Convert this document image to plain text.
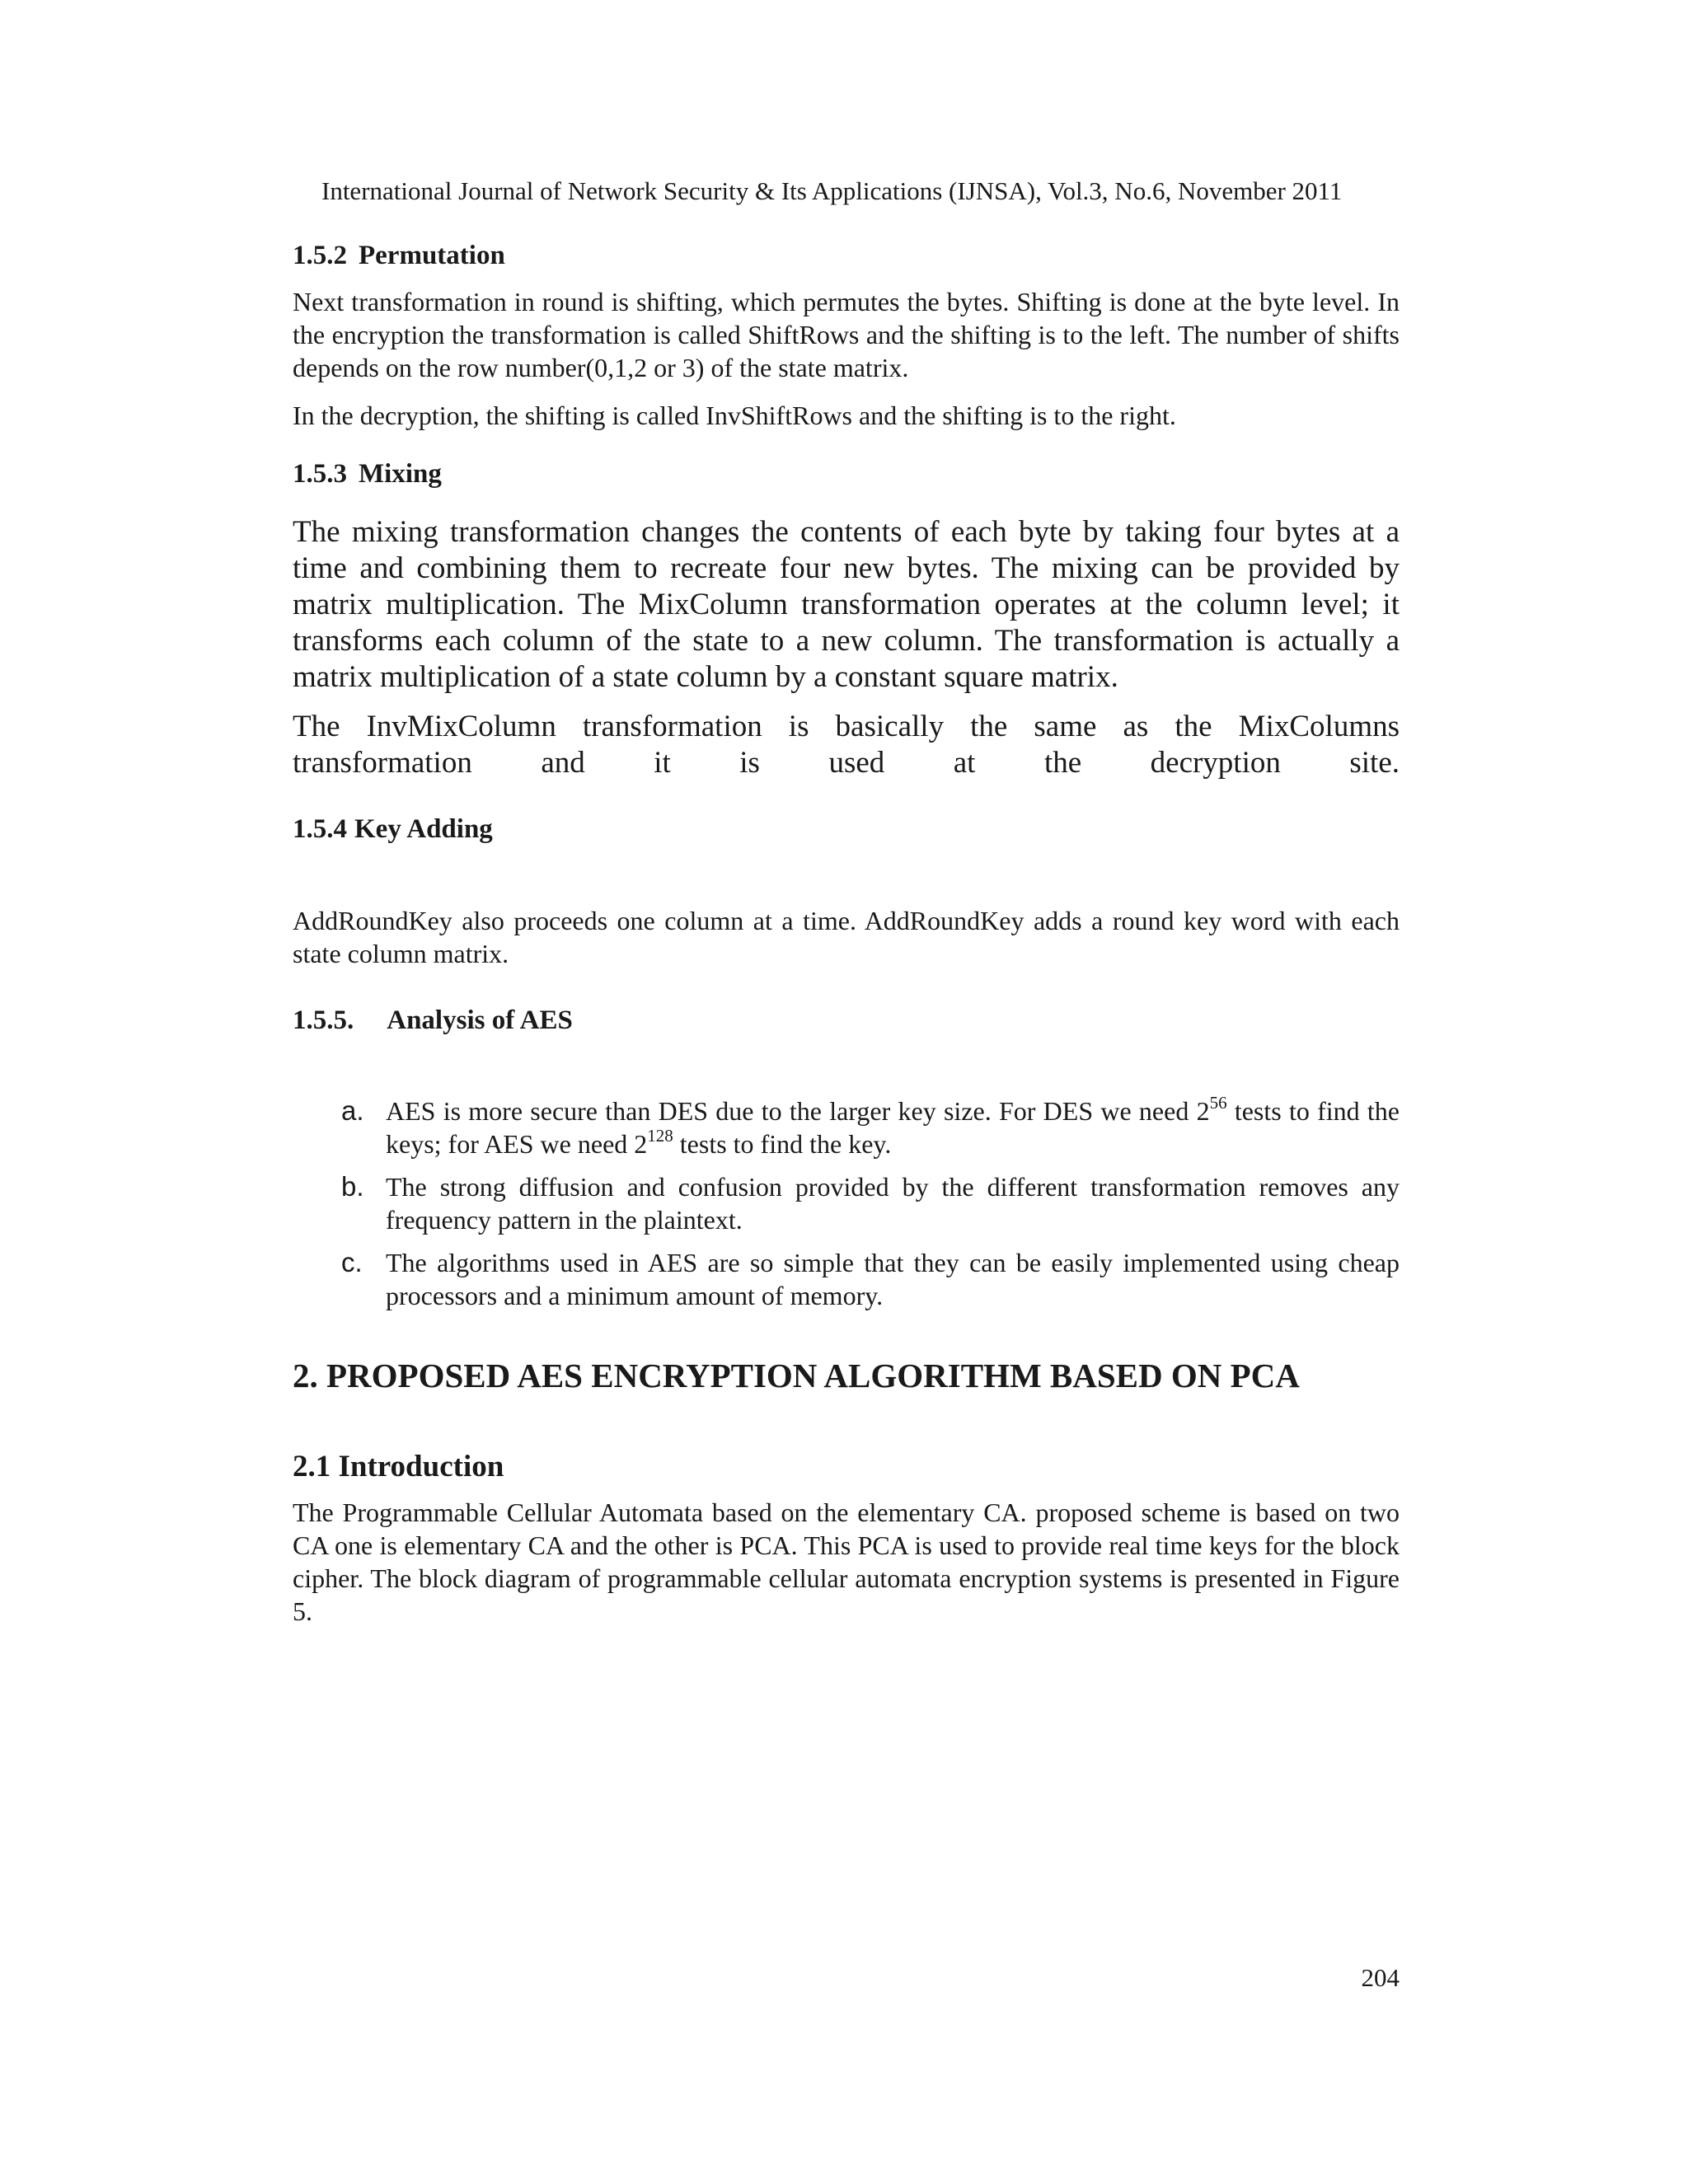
International Journal of Network Security & Its Applications (IJNSA), Vol.3, No.6, November 2011
1.5.2 Permutation

Next transformation in round is shifting, which permutes the bytes. Shifting is done at the byte level. In the encryption the transformation is called ShiftRows and the shifting is to the left. The number of shifts depends on the row number(0,1,2 or 3) of the state matrix.

In the decryption, the shifting is called InvShiftRows and the shifting is to the right.

1.5.3 Mixing

The mixing transformation changes the contents of each byte by taking four bytes at a time and combining them to recreate four new bytes. The mixing can be provided by matrix multiplication. The MixColumn transformation operates at the column level; it transforms each column of the state to a new column. The transformation is actually a matrix multiplication of a state column by a constant square matrix.

The InvMixColumn transformation is basically the same as the MixColumns transformation and it is used at the decryption site.

1.5.4 Key Adding

AddRoundKey also proceeds one column at a time. AddRoundKey adds a round key word with each state column matrix.

1.5.5. Analysis of AES
a. AES is more secure than DES due to the larger key size. For DES we need $2^{56}$ tests to find the keys; for AES we need $2^{128}$ tests to find the key.
b. The strong diffusion and confusion provided by the different transformation removes any frequency pattern in the plaintext.
c. The algorithms used in AES are so simple that they can be easily implemented using cheap processors and a minimum amount of memory.
2. PROPOSED AES ENCRYPTION ALGORITHM BASED ON PCA
2.1 Introduction

The Programmable Cellular Automata based on the elementary CA. proposed scheme is based on two CA one is elementary CA and the other is PCA. This PCA is used to provide real time keys for the block cipher. The block diagram of programmable cellular automata encryption systems is presented in Figure 5.

204
